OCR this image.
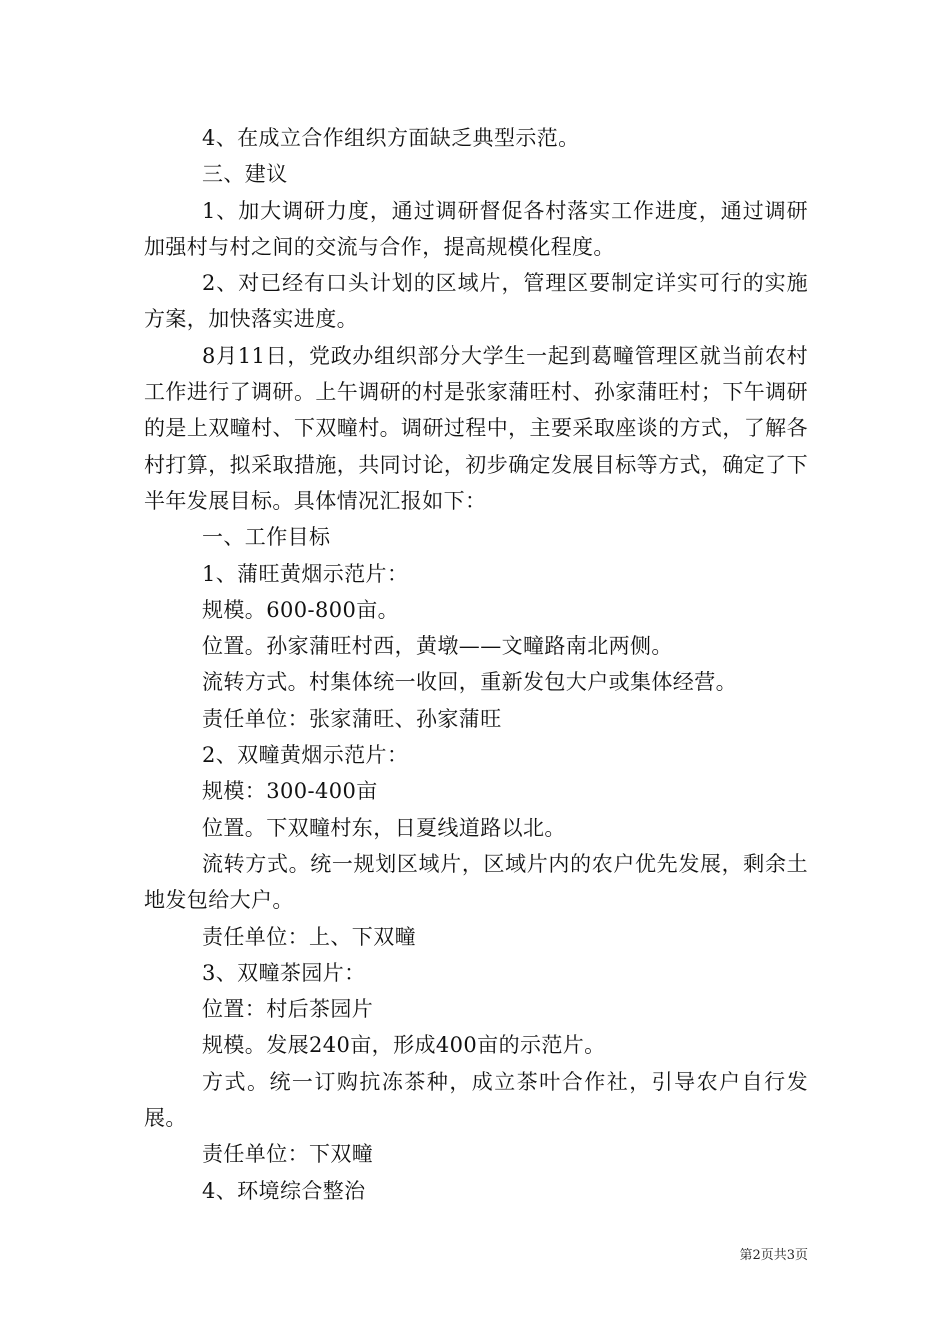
4、在成立合作组织方面缺乏典型示范。

三、建议

1、加大调研力度，通过调研督促各村落实工作进度，通过调研加强村与村之间的交流与合作，提高规模化程度。

2、对已经有口头计划的区域片，管理区要制定详实可行的实施方案，加快落实进度。

8月11日，党政办组织部分大学生一起到葛疃管理区就当前农村工作进行了调研。上午调研的村是张家蒲旺村、孙家蒲旺村；下午调研的是上双疃村、下双疃村。调研过程中，主要采取座谈的方式，了解各村打算，拟采取措施，共同讨论，初步确定发展目标等方式，确定了下半年发展目标。具体情况汇报如下：

一、工作目标

1、蒲旺黄烟示范片：

规模。600-800亩。

位置。孙家蒲旺村西，黄墩——文疃路南北两侧。

流转方式。村集体统一收回，重新发包大户或集体经营。

责任单位：张家蒲旺、孙家蒲旺

2、双疃黄烟示范片：

规模：300-400亩

位置。下双疃村东，日夏线道路以北。

流转方式。统一规划区域片，区域片内的农户优先发展，剩余土地发包给大户。

责任单位：上、下双疃

3、双疃茶园片：

位置：村后茶园片

规模。发展240亩，形成400亩的示范片。

方式。统一订购抗冻茶种，成立茶叶合作社，引导农户自行发展。

责任单位：下双疃

4、环境综合整治

第2页共3页
